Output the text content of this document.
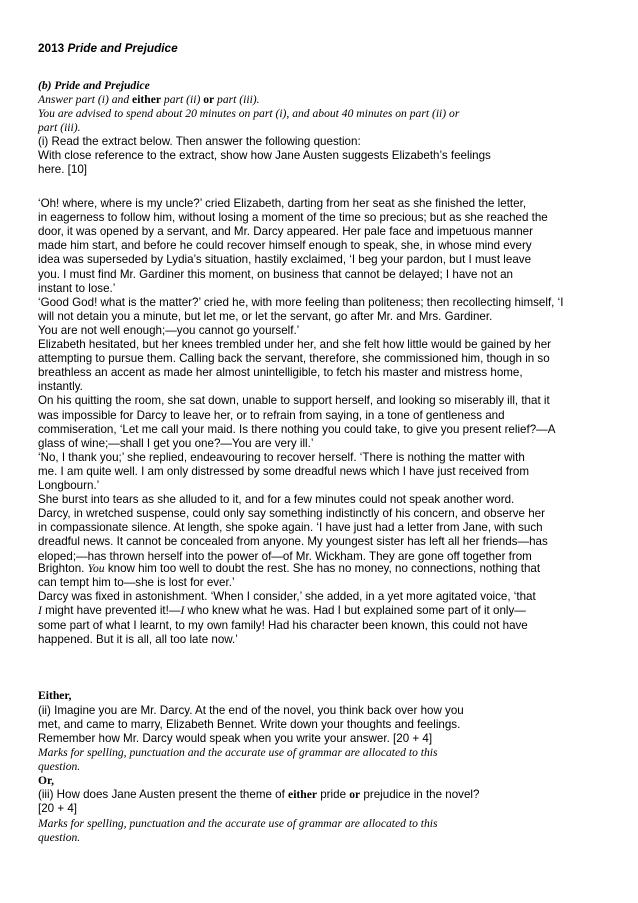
2013 Pride and Prejudice
(b) Pride and Prejudice
Answer part (i) and either part (ii) or part (iii).
You are advised to spend about 20 minutes on part (i), and about 40 minutes on part (ii) or
part (iii).
(i) Read the extract below. Then answer the following question:
With close reference to the extract, show how Jane Austen suggests Elizabeth’s feelings
here. [10]
‘Oh! where, where is my uncle?’ cried Elizabeth, darting from her seat as she finished the letter,
in eagerness to follow him, without losing a moment of the time so precious; but as she reached the
door, it was opened by a servant, and Mr. Darcy appeared. Her pale face and impetuous manner
made him start, and before he could recover himself enough to speak, she, in whose mind every
idea was superseded by Lydia’s situation, hastily exclaimed, ‘I beg your pardon, but I must leave
you. I must find Mr. Gardiner this moment, on business that cannot be delayed; I have not an
instant to lose.’
‘Good God! what is the matter?’ cried he, with more feeling than politeness; then recollecting himself, ‘I
will not detain you a minute, but let me, or let the servant, go after Mr. and Mrs. Gardiner.
You are not well enough;—you cannot go yourself.’
Elizabeth hesitated, but her knees trembled under her, and she felt how little would be gained by her
attempting to pursue them. Calling back the servant, therefore, she commissioned him, though in so
breathless an accent as made her almost unintelligible, to fetch his master and mistress home,
instantly.
On his quitting the room, she sat down, unable to support herself, and looking so miserably ill, that it
was impossible for Darcy to leave her, or to refrain from saying, in a tone of gentleness and
commiseration, ‘Let me call your maid. Is there nothing you could take, to give you present relief?—A
glass of wine;—shall I get you one?—You are very ill.’
‘No, I thank you;’ she replied, endeavouring to recover herself. ‘There is nothing the matter with
me. I am quite well. I am only distressed by some dreadful news which I have just received from
Longbourn.’
She burst into tears as she alluded to it, and for a few minutes could not speak another word.
Darcy, in wretched suspense, could only say something indistinctly of his concern, and observe her
in compassionate silence. At length, she spoke again. ‘I have just had a letter from Jane, with such
dreadful news. It cannot be concealed from anyone. My youngest sister has left all her friends—has
eloped;—has thrown herself into the power of—of Mr. Wickham. They are gone off together from
Brighton. You know him too well to doubt the rest. She has no money, no connections, nothing that
can tempt him to—she is lost for ever.’
Darcy was fixed in astonishment. ‘When I consider,’ she added, in a yet more agitated voice, ‘that
I might have prevented it!—I who knew what he was. Had I but explained some part of it only—
some part of what I learnt, to my own family! Had his character been known, this could not have
happened. But it is all, all too late now.’
Either,
(ii) Imagine you are Mr. Darcy. At the end of the novel, you think back over how you
met, and came to marry, Elizabeth Bennet. Write down your thoughts and feelings.
Remember how Mr. Darcy would speak when you write your answer. [20 + 4]
Marks for spelling, punctuation and the accurate use of grammar are allocated to this
question.
Or,
(iii) How does Jane Austen present the theme of either pride or prejudice in the novel?
[20 + 4]
Marks for spelling, punctuation and the accurate use of grammar are allocated to this
question.
